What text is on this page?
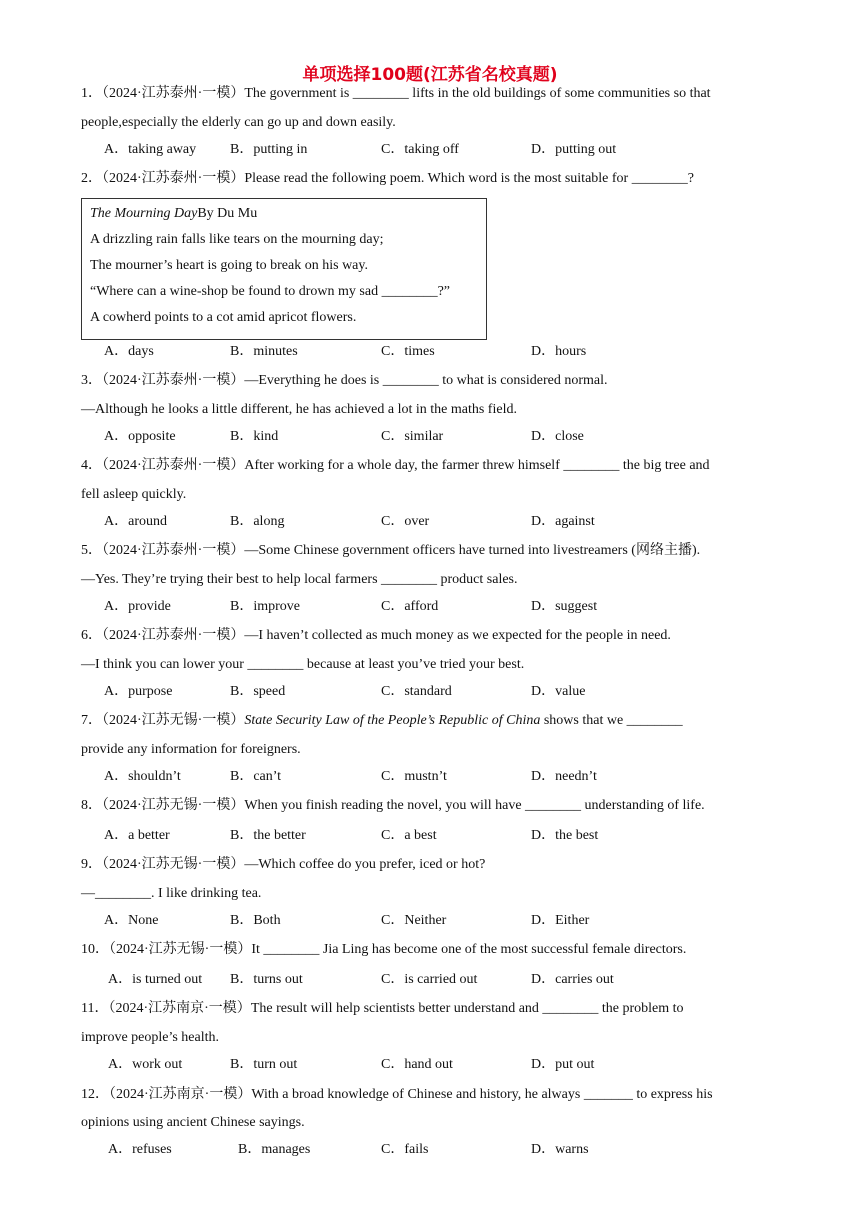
单项选择100题(江苏省名校真题)
1．（2024·江苏泰州·一模）The government is ________ lifts in the old buildings of some communities so that
people,especially the elderly can go up and down easily.
A．taking away B．putting in	C．taking off	D．putting out
2．（2024·江苏泰州·一模）Please read the following poem. Which word is the most suitable for ________?
The Mourning DayBy Du Mu
A drizzling rain falls like tears on the mourning day;
The mourner’s heart is going to break on his way.
“Where can a wine-shop be found to drown my sad ________?”
A cowherd points to a cot amid apricot flowers.
A．days	B．minutes	C．times	D．hours
3．（2024·江苏泰州·一模）—Everything he does is ________ to what is considered normal.
—Although he looks a little different, he has achieved a lot in the maths field.
A．opposite	B．kind	C．similar	D．close
4．（2024·江苏泰州·一模）After working for a whole day, the farmer threw himself ________ the big tree and
fell asleep quickly.
A．around	B．along	C．over	D．against
5．（2024·江苏泰州·一模）—Some Chinese government officers have turned into livestreamers (网络主播).
—Yes. They’re trying their best to help local farmers ________ product sales.
A．provide	B．improve	C．afford	D．suggest
6．（2024·江苏泰州·一模）—I haven’t collected as much money as we expected for the people in need.
—I think you can lower your ________ because at least you’ve tried your best.
A．purpose	B．speed	C．standard	D．value
7．（2024·江苏无锡·一模）State Security Law of the People’s Republic of China shows that we ________
provide any information for foreigners.
A．shouldn’t	B．can’t	C．mustn’t	D．needn’t
8．（2024·江苏无锡·一模）When you finish reading the novel, you will have ________ understanding of life.
A．a better	B．the better	C．a best	D．the best
9．（2024·江苏无锡·一模）—Which coffee do you prefer, iced or hot?
—________. I like drinking tea.
A．None	B．Both	C．Neither	D．Either
10．（2024·江苏无锡·一模）It ________ Jia Ling has become one of the most successful female directors.
A．is turned out B．turns out	C．is carried out	D．carries out
11．（2024·江苏南京·一模）The result will help scientists better understand and ________ the problem to
improve people’s health.
A．work out	B．turn out	C．hand out	D．put out
12．（2024·江苏南京·一模）With a broad knowledge of Chinese and history, he always _______ to express his
opinions using ancient Chinese sayings.
A．refuses	B．manages	C．fails	D．warns
